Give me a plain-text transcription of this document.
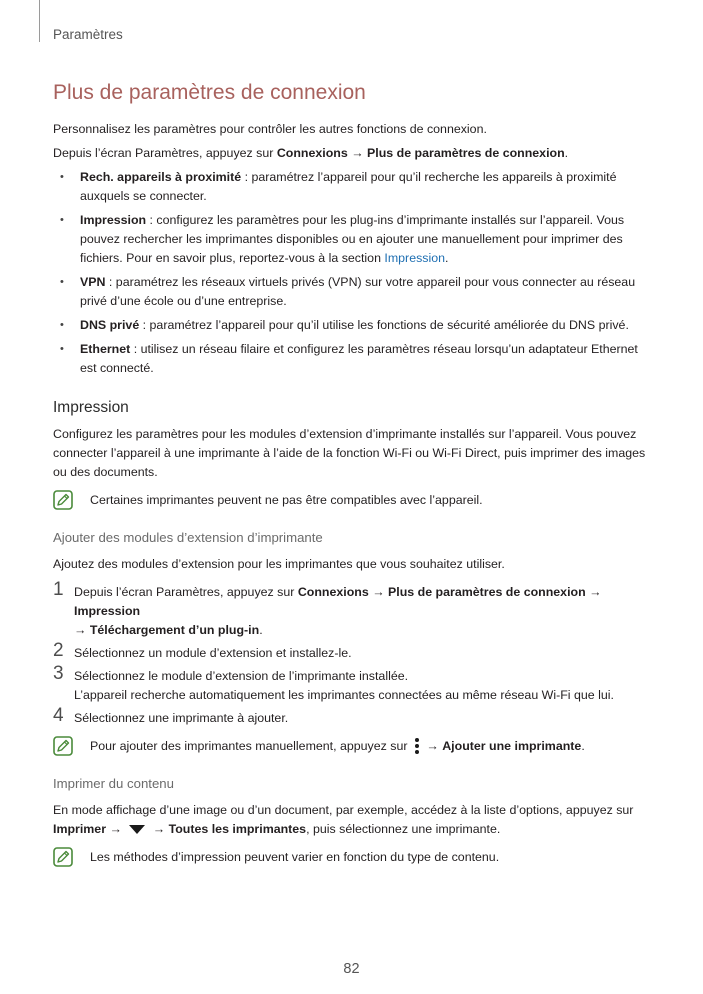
Paramètres
Plus de paramètres de connexion

Personnalisez les paramètres pour contrôler les autres fonctions de connexion.

Depuis l’écran Paramètres, appuyez sur Connexions → Plus de paramètres de connexion.

• Rech. appareils à proximité : paramétrez l’appareil pour qu’il recherche les appareils à proximité auxquels se connecter.
• Impression : configurez les paramètres pour les plug-ins d’imprimante installés sur l’appareil. Vous pouvez rechercher les imprimantes disponibles ou en ajouter une manuellement pour imprimer des fichiers. Pour en savoir plus, reportez-vous à la section Impression.
• VPN : paramétrez les réseaux virtuels privés (VPN) sur votre appareil pour vous connecter au réseau privé d’une école ou d’une entreprise.
• DNS privé : paramétrez l’appareil pour qu’il utilise les fonctions de sécurité améliorée du DNS privé.
• Ethernet : utilisez un réseau filaire et configurez les paramètres réseau lorsqu’un adaptateur Ethernet est connecté.
Impression

Configurez les paramètres pour les modules d’extension d’imprimante installés sur l’appareil. Vous pouvez connecter l’appareil à une imprimante à l’aide de la fonction Wi-Fi ou Wi-Fi Direct, puis imprimer des images ou des documents.

Certaines imprimantes peuvent ne pas être compatibles avec l’appareil.
Ajouter des modules d’extension d’imprimante

Ajoutez des modules d’extension pour les imprimantes que vous souhaitez utiliser.

1 Depuis l’écran Paramètres, appuyez sur Connexions → Plus de paramètres de connexion → Impression
→ Téléchargement d’un plug-in.
2 Sélectionnez un module d’extension et installez-le.
3 Sélectionnez le module d’extension de l’imprimante installée.
L’appareil recherche automatiquement les imprimantes connectées au même réseau Wi-Fi que lui.
4 Sélectionnez une imprimante à ajouter.
Pour ajouter des imprimantes manuellement, appuyez sur
→ Ajouter une imprimante.
Imprimer du contenu

En mode affichage d’une image ou d’un document, par exemple, accédez à la liste d’options, appuyez sur Imprimer →  → Toutes les imprimantes, puis sélectionnez une imprimante.

Les méthodes d’impression peuvent varier en fonction du type de contenu.
82
